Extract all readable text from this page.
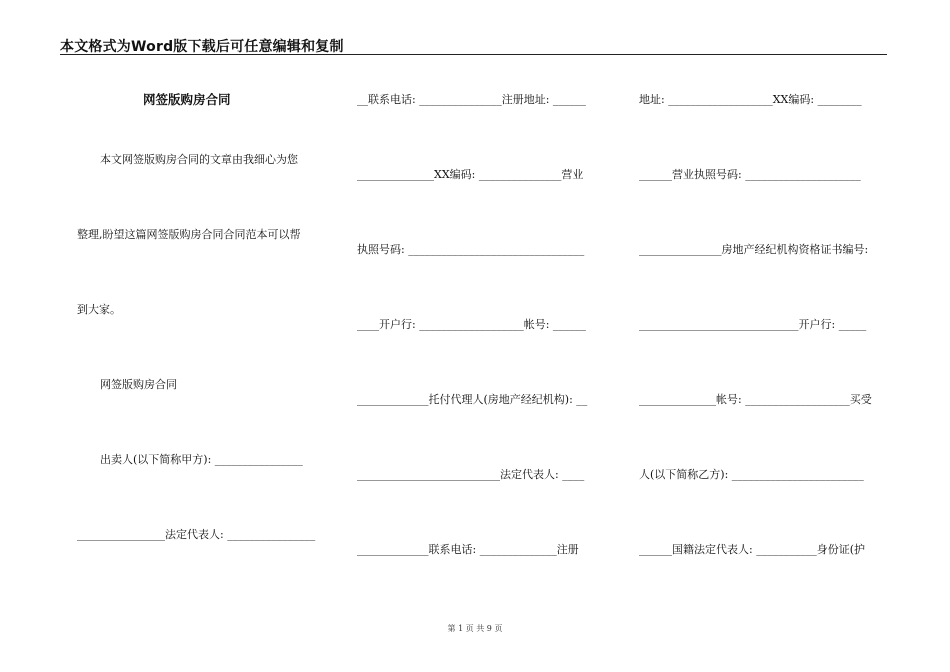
本文格式为Word版下载后可任意编辑和复制
网签版购房合同
本文网签版购房合同的文章由我细心为您
整理,盼望这篇网签版购房合同合同范本可以帮
到大家。
网签版购房合同
出卖人(以下简称甲方): ________________
________________法定代表人: ________________
__联系电话: _______________注册地址: ______
______________XX编码: _______________营业
执照号码: ________________________________
____开户行: ___________________帐号: ______
_____________托付代理人(房地产经纪机构): __
__________________________法定代表人: ____
_____________联系电话: ______________注册
地址: ___________________XX编码: ________
______营业执照号码: _____________________
_______________房地产经纪机构资格证书编号:
_____________________________开户行: _____
______________帐号: ___________________买受
人(以下简称乙方): ________________________
______国籍法定代表人: ___________身份证(护
第 1 页 共 9 页
